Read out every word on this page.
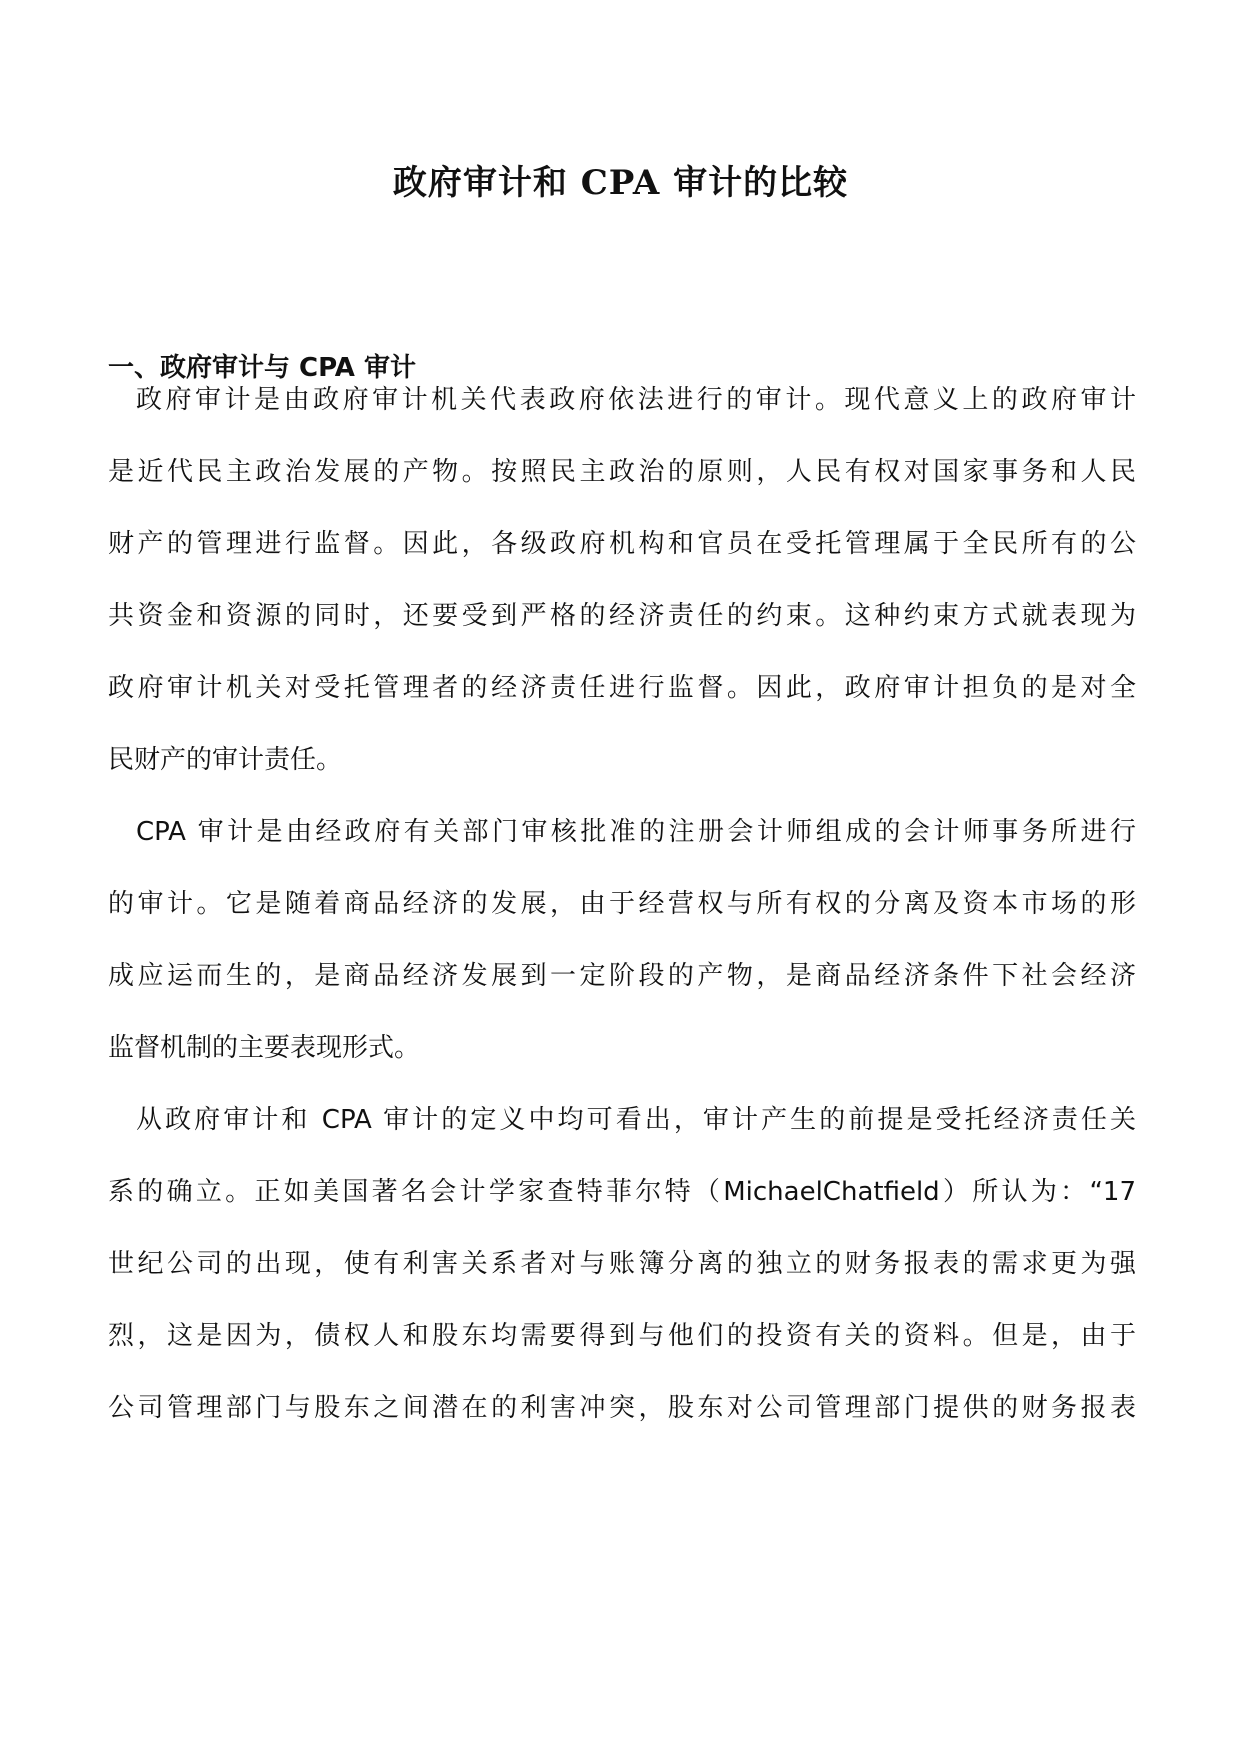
政府审计和 CPA 审计的比较
一、政府审计与 CPA 审计
政府审计是由政府审计机关代表政府依法进行的审计。现代意义上的政府审计
是近代民主政治发展的产物。按照民主政治的原则，人民有权对国家事务和人民
财产的管理进行监督。因此，各级政府机构和官员在受托管理属于全民所有的公
共资金和资源的同时，还要受到严格的经济责任的约束。这种约束方式就表现为
政府审计机关对受托管理者的经济责任进行监督。因此，政府审计担负的是对全
民财产的审计责任。
CPA 审计是由经政府有关部门审核批准的注册会计师组成的会计师事务所进行
的审计。它是随着商品经济的发展，由于经营权与所有权的分离及资本市场的形
成应运而生的，是商品经济发展到一定阶段的产物，是商品经济条件下社会经济
监督机制的主要表现形式。
从政府审计和 CPA 审计的定义中均可看出，审计产生的前提是受托经济责任关
系的确立。正如美国著名会计学家查特菲尔特（MichaelChatfield）所认为：“17
世纪公司的出现，使有利害关系者对与账簿分离的独立的财务报表的需求更为强
烈，这是因为，债权人和股东均需要得到与他们的投资有关的资料。但是，由于
公司管理部门与股东之间潜在的利害冲突，股东对公司管理部门提供的财务报表
